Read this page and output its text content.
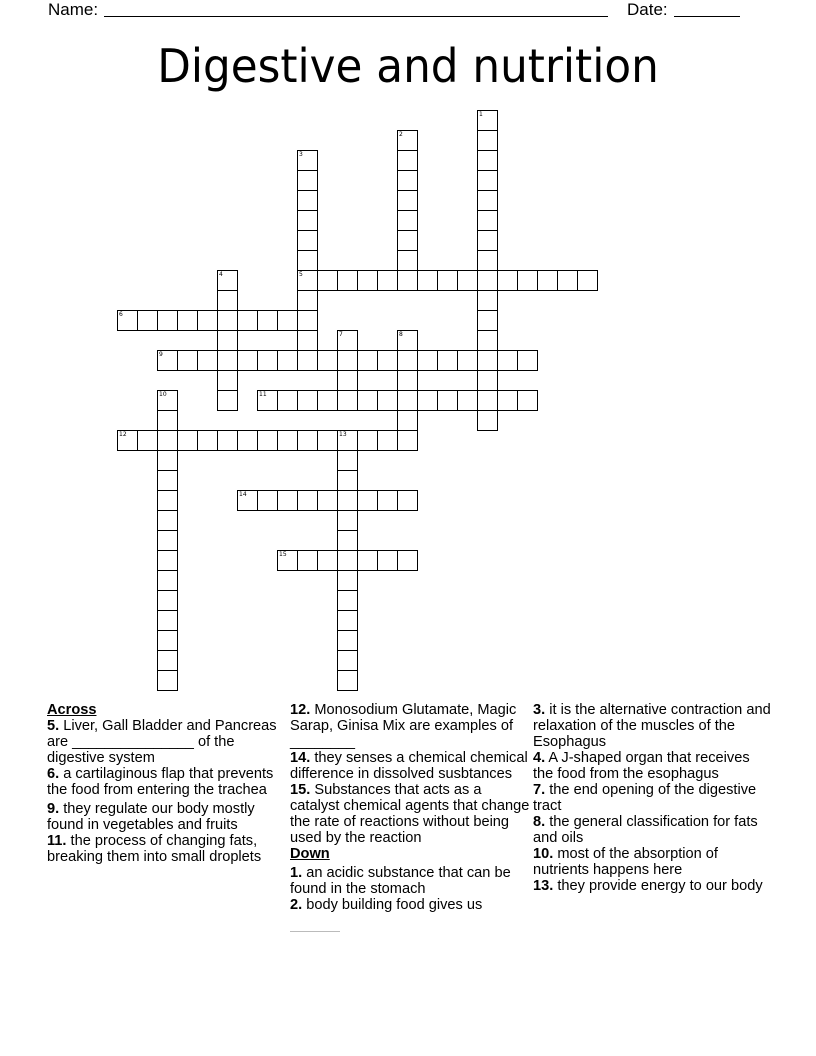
Name:	Date:
Digestive and nutrition
1
2
3
5
4
6
7	8
9
10	11
12	13
14
15
Across
5. Liver, Gall Bladder and Pancreas are _______________ of the digestive system
6. a cartilaginous flap that prevents the food from entering the trachea
9. they regulate our body mostly found in vegetables and fruits
11. the process of changing fats, breaking them into small droplets
12. Monosodium Glutamate, Magic Sarap, Ginisa Mix are examples of ________
14. they senses a chemical chemical difference in dissolved susbtances
15. Substances that acts as a catalyst chemical agents that change the rate of reactions without being used by the reaction
Down
1. an acidic substance that can be found in the stomach
2. body building food gives us
3. it is the alternative contraction and relaxation of the muscles of the Esophagus
4. A J-shaped organ that receives the food from the esophagus
7. the end opening of the digestive tract
8. the general classification for fats and oils
10. most of the absorption of nutrients happens here
13. they provide energy to our body
